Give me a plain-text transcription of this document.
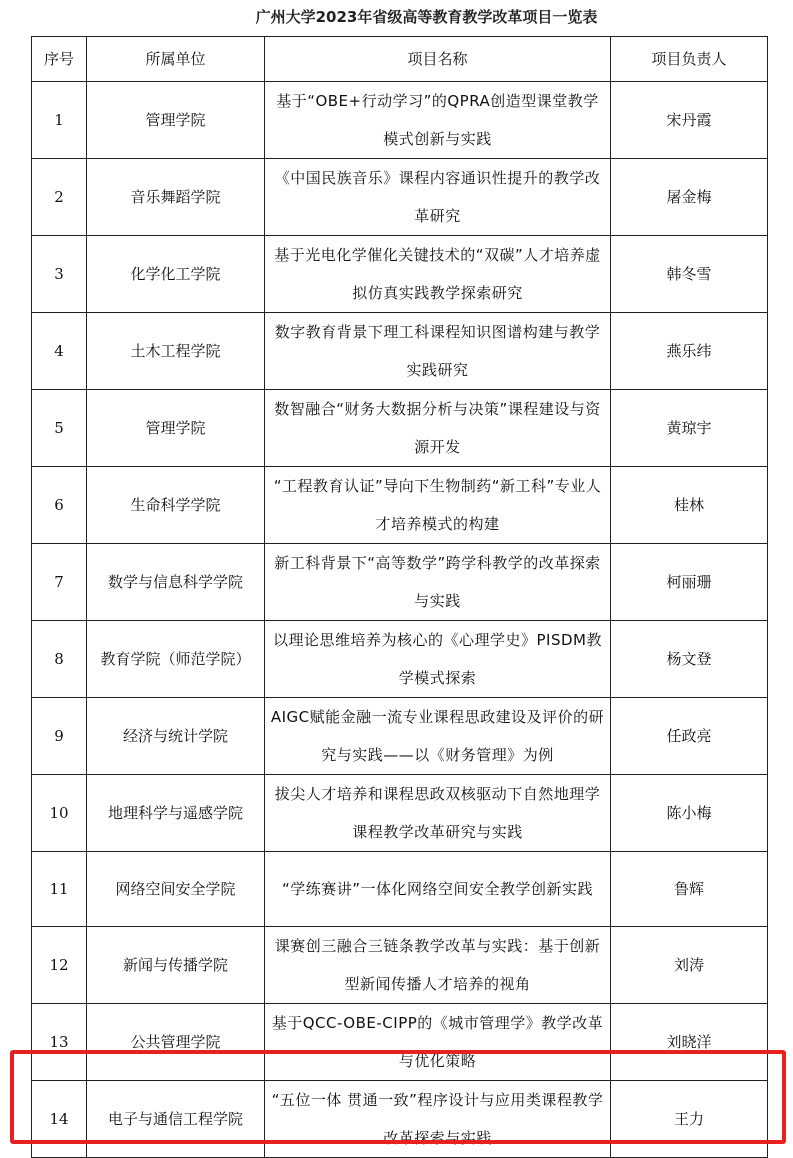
广州大学2023年省级高等教育教学改革项目一览表
序号	所属单位	项目名称	项目负责人
1	管理学院	基于“OBE+行动学习”的QPRA创造型课堂教学模式创新与实践	宋丹霞
2	音乐舞蹈学院	《中国民族音乐》课程内容通识性提升的教学改革研究	屠金梅
3	化学化工学院	基于光电化学催化关键技术的“双碳”人才培养虚拟仿真实践教学探索研究	韩冬雪
4	土木工程学院	数字教育背景下理工科课程知识图谱构建与教学实践研究	燕乐纬
5	管理学院	数智融合“财务大数据分析与决策”课程建设与资源开发	黄琼宇
6	生命科学学院	“工程教育认证”导向下生物制药“新工科”专业人才培养模式的构建	桂林
7	数学与信息科学学院	新工科背景下“高等数学”跨学科教学的改革探索与实践	柯丽珊
8	教育学院（师范学院）	以理论思维培养为核心的《心理学史》PISDM教学模式探索	杨文登
9	经济与统计学院	AIGC赋能金融一流专业课程思政建设及评价的研究与实践——以《财务管理》为例	任政亮
10	地理科学与遥感学院	拔尖人才培养和课程思政双核驱动下自然地理学课程教学改革研究与实践	陈小梅
11	网络空间安全学院	“学练赛讲”一体化网络空间安全教学创新实践	鲁辉
12	新闻与传播学院	课赛创三融合三链条教学改革与实践：基于创新型新闻传播人才培养的视角	刘涛
13	公共管理学院	基于QCC-OBE-CIPP的《城市管理学》教学改革与优化策略	刘晓洋
14	电子与通信工程学院	“五位一体 贯通一致”程序设计与应用类课程教学改革探索与实践	王力
